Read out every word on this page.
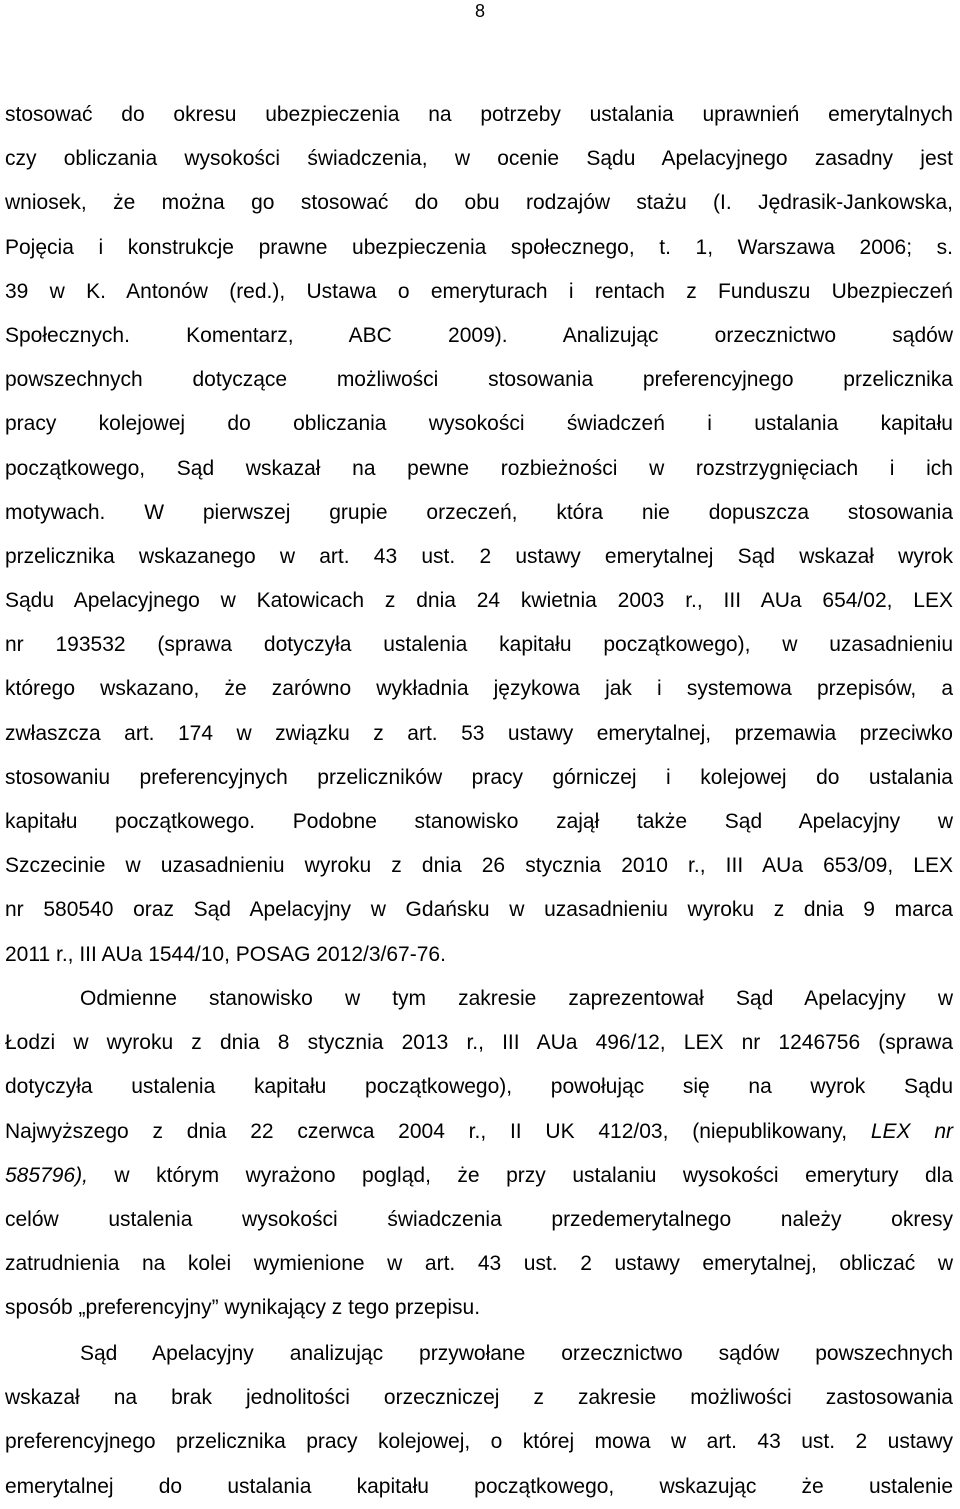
8
stosować do okresu ubezpieczenia na potrzeby ustalania uprawnień emerytalnych
czy obliczania wysokości świadczenia, w ocenie Sądu Apelacyjnego zasadny jest
wniosek, że można go stosować do obu rodzajów stażu (I. Jędrasik-Jankowska,
Pojęcia i konstrukcje prawne ubezpieczenia społecznego, t. 1, Warszawa 2006; s.
39 w K. Antonów (red.), Ustawa o emeryturach i rentach z Funduszu Ubezpieczeń
Społecznych. Komentarz, ABC 2009). Analizując orzecznictwo sądów
powszechnych dotyczące możliwości stosowania preferencyjnego przelicznika
pracy kolejowej do obliczania wysokości świadczeń i ustalania kapitału
początkowego, Sąd wskazał na pewne rozbieżności w rozstrzygnięciach i ich
motywach. W pierwszej grupie orzeczeń, która nie dopuszcza stosowania
przelicznika wskazanego w art. 43 ust. 2 ustawy emerytalnej Sąd wskazał wyrok
Sądu Apelacyjnego w Katowicach z dnia 24 kwietnia 2003 r., III AUa 654/02, LEX
nr 193532 (sprawa dotyczyła ustalenia kapitału początkowego), w uzasadnieniu
którego wskazano, że zarówno wykładnia językowa jak i systemowa przepisów, a
zwłaszcza art. 174 w związku z art. 53 ustawy emerytalnej, przemawia przeciwko
stosowaniu preferencyjnych przeliczników pracy górniczej i kolejowej do ustalania
kapitału początkowego. Podobne stanowisko zajął także Sąd Apelacyjny w
Szczecinie w uzasadnieniu wyroku z dnia 26 stycznia 2010 r., III AUa 653/09, LEX
nr 580540 oraz Sąd Apelacyjny w Gdańsku w uzasadnieniu wyroku z dnia 9 marca
2011 r., III AUa 1544/10, POSAG 2012/3/67-76.
Odmienne stanowisko w tym zakresie zaprezentował Sąd Apelacyjny w
Łodzi w wyroku z dnia 8 stycznia 2013 r., III AUa 496/12, LEX nr 1246756 (sprawa
dotyczyła ustalenia kapitału początkowego), powołując się na wyrok Sądu
Najwyższego z dnia 22 czerwca 2004 r., II UK 412/03, (niepublikowany, LEX nr
585796), w którym wyrażono pogląd, że przy ustalaniu wysokości emerytury dla
celów ustalenia wysokości świadczenia przedemerytalnego należy okresy
zatrudnienia na kolei wymienione w art. 43 ust. 2 ustawy emerytalnej, obliczać w
sposób „preferencyjny” wynikający z tego przepisu.
Sąd Apelacyjny analizując przywołane orzecznictwo sądów powszechnych
wskazał na brak jednolitości orzeczniczej z zakresie możliwości zastosowania
preferencyjnego przelicznika pracy kolejowej, o której mowa w art. 43 ust. 2 ustawy
emerytalnej do ustalania kapitału początkowego, wskazując że ustalenie
